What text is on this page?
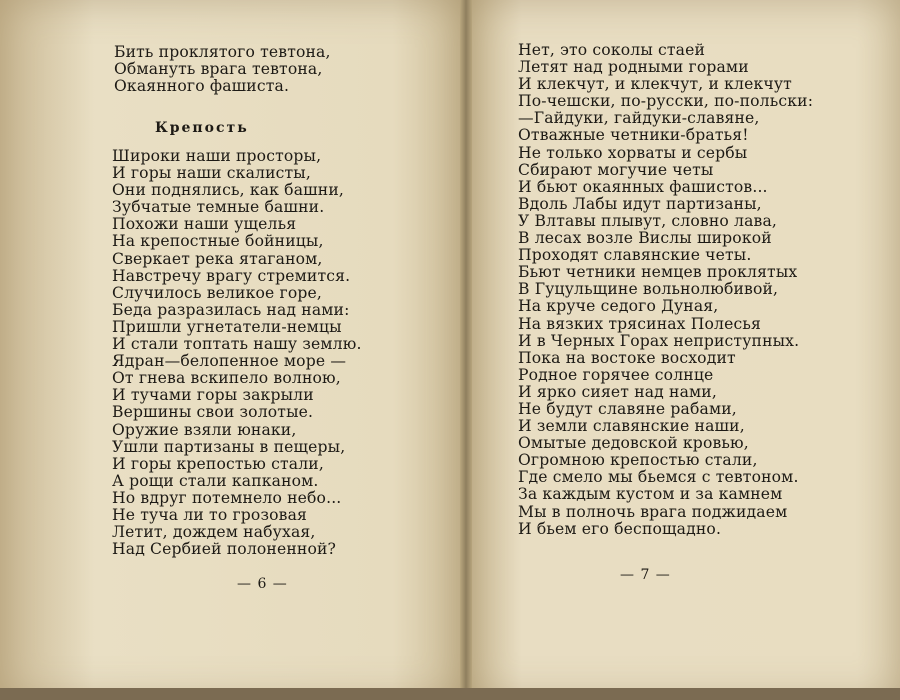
Бить проклятого тевтона,
Обмануть врага тевтона,
Окаянного фашиста.
Крепость
Широки наши просторы,
И горы наши скалисты,
Они поднялись, как башни,
Зубчатые темные башни.
Похожи наши ущелья
На крепостные бойницы,
Сверкает река ятаганом,
Навстречу врагу стремится.
Случилось великое горе,
Беда разразилась над нами:
Пришли угнетатели-немцы
И стали топтать нашу землю.
Ядран—белопенное море —
От гнева вскипело волною,
И тучами горы закрыли
Вершины свои золотые.
Оружие взяли юнаки,
Ушли партизаны в пещеры,
И горы крепостью стали,
А рощи стали капканом.
Но вдруг потемнело небо...
Не туча ли то грозовая
Летит, дождем набухая,
Над Сербией полоненной?
— 6 —
Нет, это соколы стаей
Летят над родными горами
И клекчут, и клекчут, и клекчут
По-чешски, по-русски, по-польски:
—Гайдуки, гайдуки-славяне,
Отважные четники-братья!
Не только хорваты и сербы
Сбирают могучие четы
И бьют окаянных фашистов...
Вдоль Лабы идут партизаны,
У Влтавы плывут, словно лава,
В лесах возле Вислы широкой
Проходят славянские четы.
Бьют четники немцев проклятых
В Гуцульщине вольнолюбивой,
На круче седого Дуная,
На вязких трясинах Полесья
И в Черных Горах неприступных.
Пока на востоке восходит
Родное горячее солнце
И ярко сияет над нами,
Не будут славяне рабами,
И земли славянские наши,
Омытые дедовской кровью,
Огромною крепостью стали,
Где смело мы бьемся с тевтоном.
За каждым кустом и за камнем
Мы в полночь врага поджидаем
И бьем его беспощадно.
— 7 —
